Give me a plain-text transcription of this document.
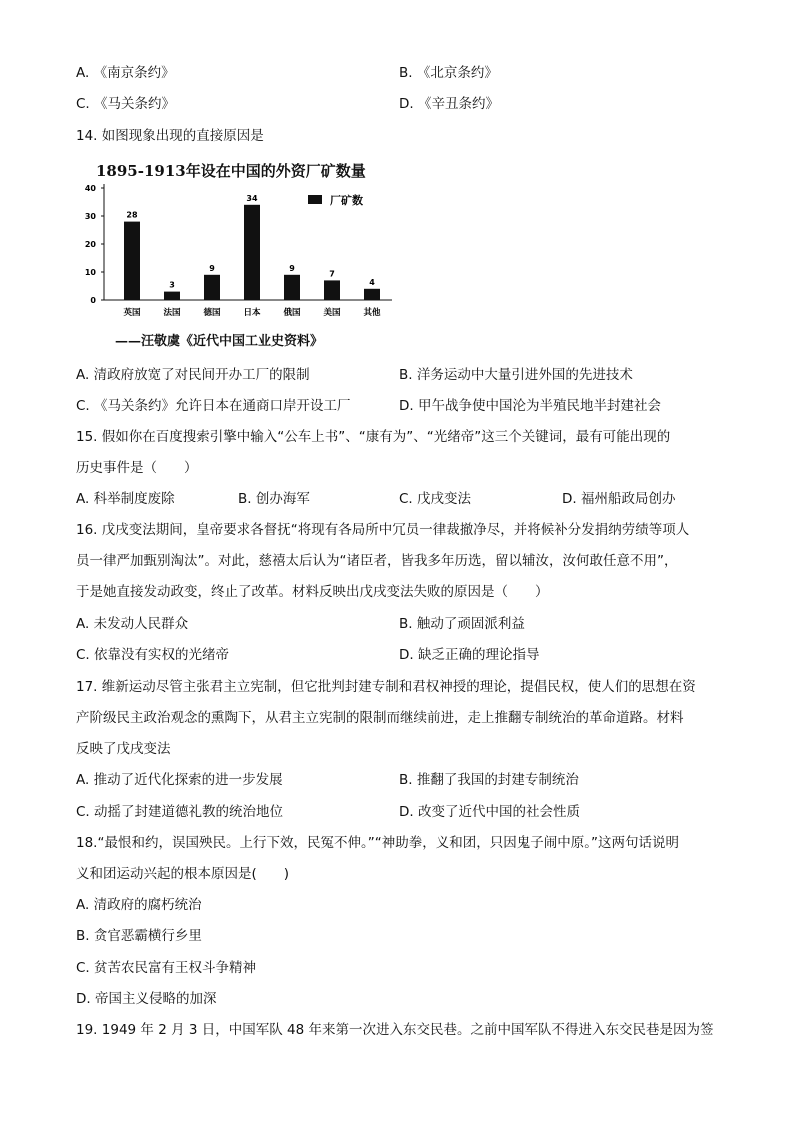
A. 《南京条约》	B. 《北京条约》
C. 《马关条约》	D. 《辛丑条约》
14. 如图现象出现的直接原因是
1895-1913年设在中国的外资厂矿数量
0
10
20
30
40
28
英国
3
法国
9
德国
34
日本
9
俄国
7
美国
4
其他
厂矿数
——汪敬虞《近代中国工业史资料》
A. 清政府放宽了对民间开办工厂的限制	B. 洋务运动中大量引进外国的先进技术
C. 《马关条约》允许日本在通商口岸开设工厂	D. 甲午战争使中国沦为半殖民地半封建社会
15. 假如你在百度搜索引擎中输入“公车上书”、“康有为”、“光绪帝”这三个关键词，最有可能出现的
历史事件是（　　）
A. 科举制度废除	B. 创办海军	C. 戊戌变法	D. 福州船政局创办
16. 戊戌变法期间，皇帝要求各督抚“将现有各局所中冗员一律裁撤净尽，并将候补分发捐纳劳绩等项人
员一律严加甄别淘汰”。对此，慈禧太后认为“诸臣者，皆我多年历选，留以辅汝，汝何敢任意不用”，
于是她直接发动政变，终止了改革。材料反映出戊戌变法失败的原因是（　　）
A. 未发动人民群众	B. 触动了顽固派利益
C. 依靠没有实权的光绪帝	D. 缺乏正确的理论指导
17. 维新运动尽管主张君主立宪制，但它批判封建专制和君权神授的理论，提倡民权，使人们的思想在资
产阶级民主政治观念的熏陶下，从君主立宪制的限制而继续前进，走上推翻专制统治的革命道路。材料
反映了戊戌变法
A. 推动了近代化探索的进一步发展	B. 推翻了我国的封建专制统治
C. 动摇了封建道德礼教的统治地位	D. 改变了近代中国的社会性质
18.“最恨和约，误国殃民。上行下效，民冤不伸。”“神助拳，义和团，只因鬼子闹中原。”这两句话说明
义和团运动兴起的根本原因是(　　)
A. 清政府的腐朽统治
B. 贪官恶霸横行乡里
C. 贫苦农民富有王权斗争精神
D. 帝国主义侵略的加深
19. 1949 年 2 月 3 日，中国军队 48 年来第一次进入东交民巷。之前中国军队不得进入东交民巷是因为签
